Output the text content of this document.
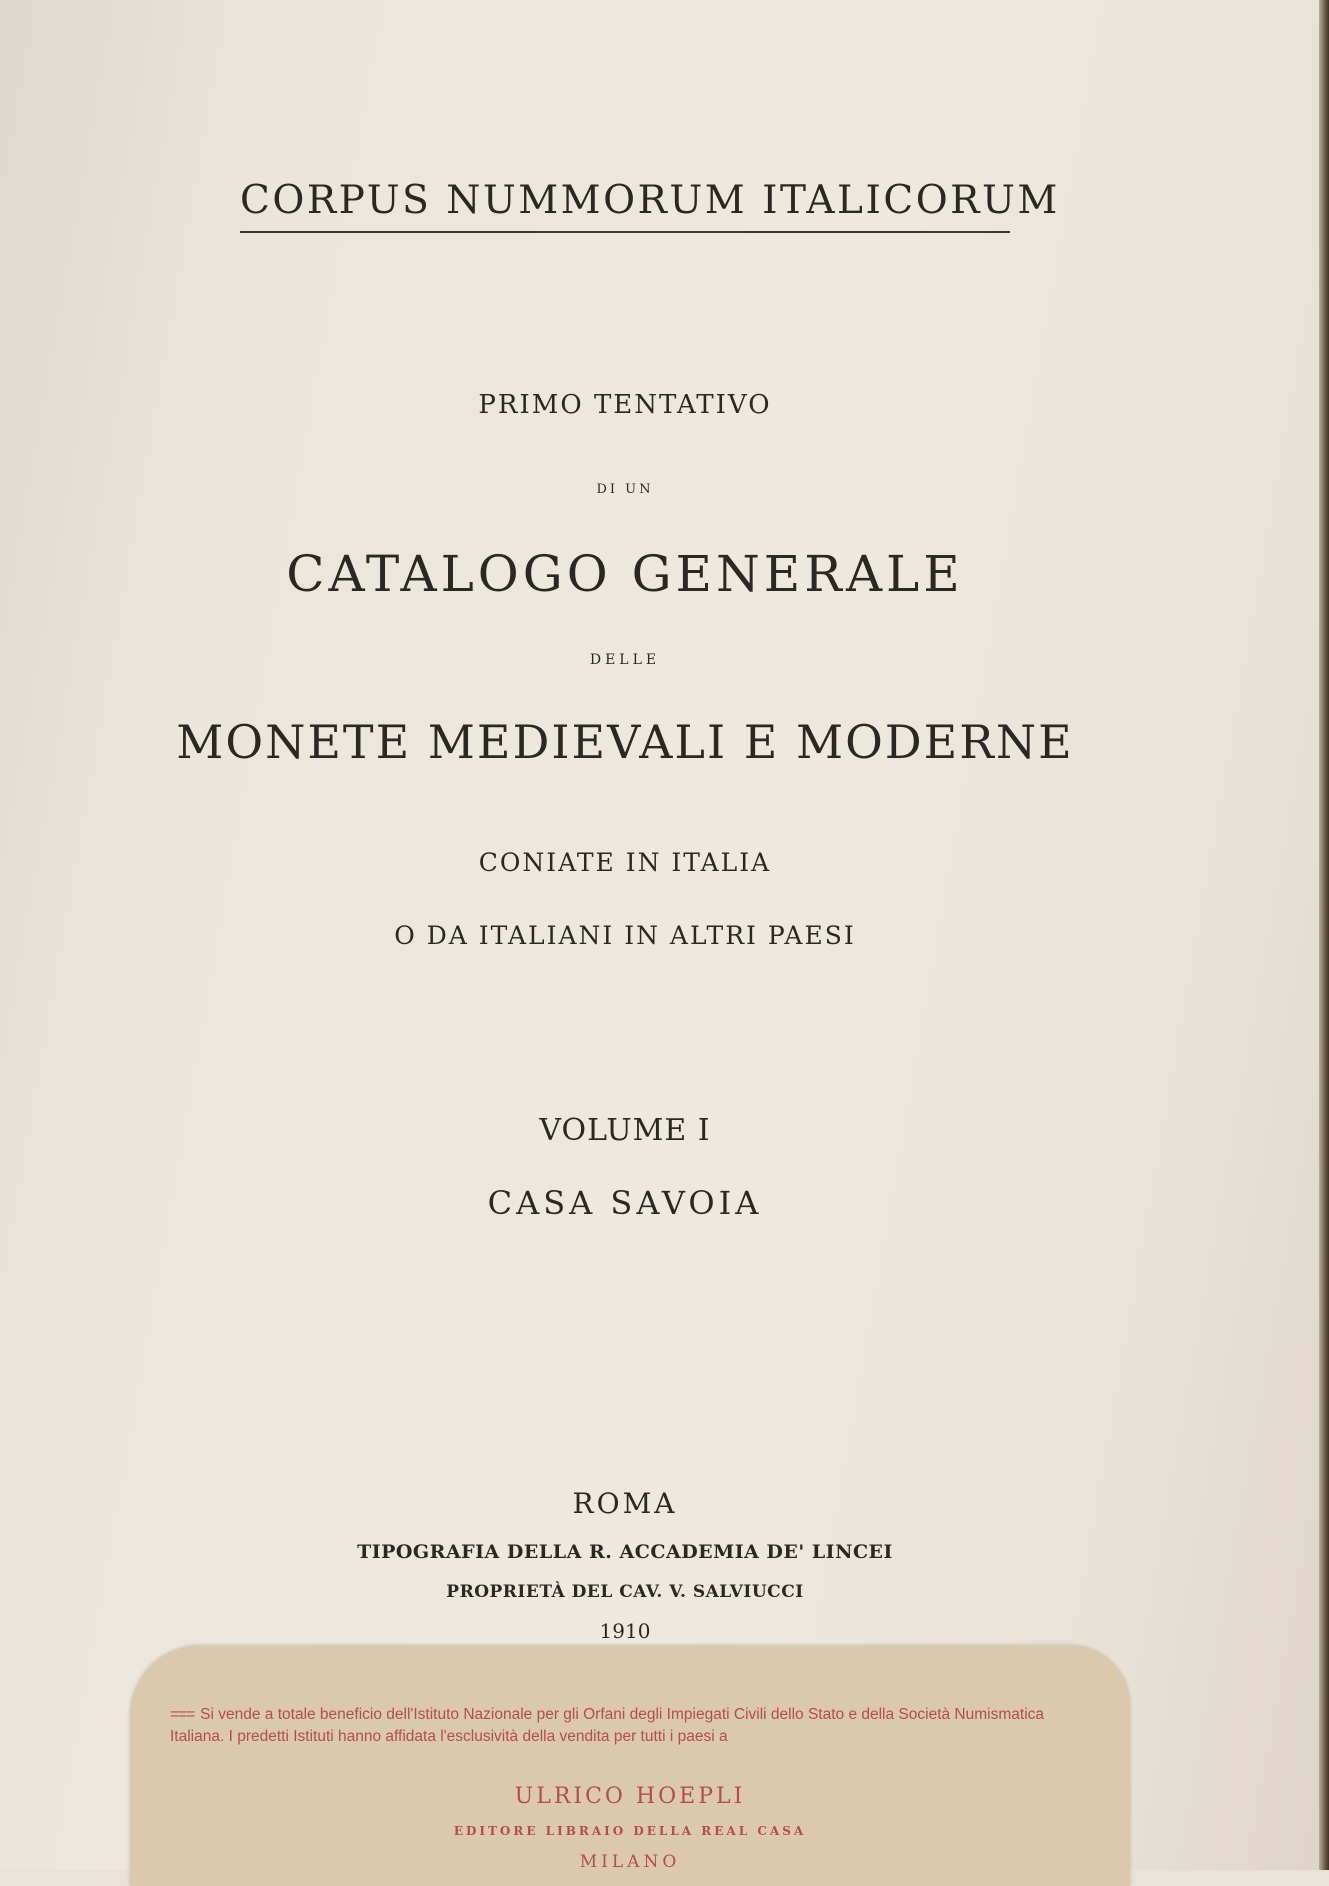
CORPUS NUMMORUM ITALICORUM
PRIMO TENTATIVO
DI UN
CATALOGO GENERALE
DELLE
MONETE MEDIEVALI E MODERNE
CONIATE IN ITALIA
O DA ITALIANI IN ALTRI PAESI
VOLUME I
CASA SAVOIA
ROMA
TIPOGRAFIA DELLA R. ACCADEMIA DE' LINCEI
PROPRIETÀ DEL CAV. V. SALVIUCCI
1910
=== Si vende a totale beneficio dell'Istituto Nazionale per gli Orfani degli Impiegati Civili dello Stato e della Società Numismatica Italiana. I predetti Istituti hanno affidata l'esclusività della vendita per tutti i paesi a
ULRICO HOEPLI
EDITORE LIBRAIO DELLA REAL CASA
MILANO
